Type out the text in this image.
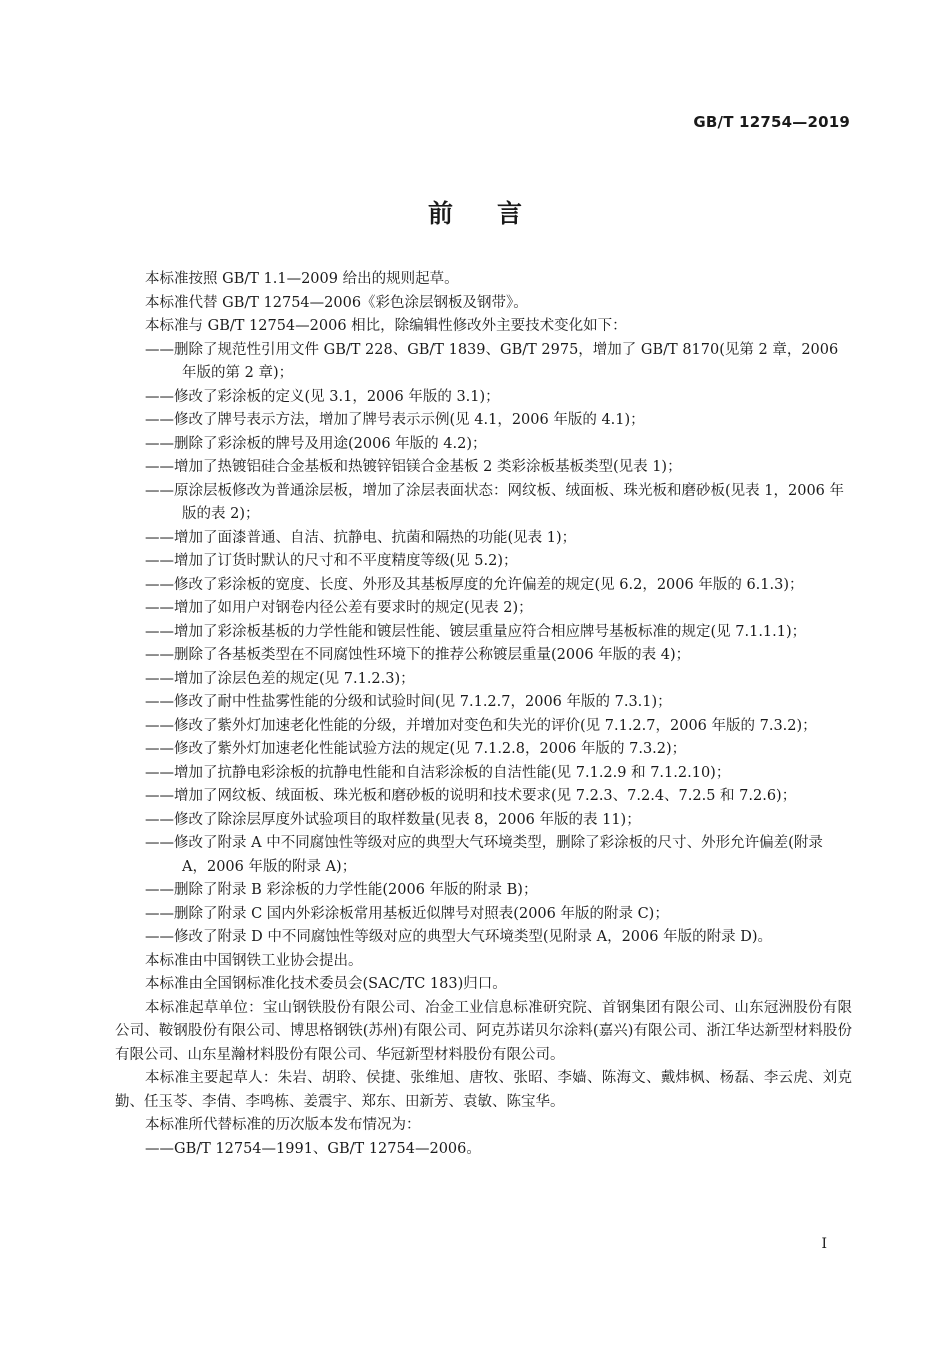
GB/T 12754—2019
前言

本标准按照 GB/T 1.1—2009 给出的规则起草。

本标准代替 GB/T 12754—2006《彩色涂层钢板及钢带》。

本标准与 GB/T 12754—2006 相比，除编辑性修改外主要技术变化如下：

——删除了规范性引用文件 GB/T 228、GB/T 1839、GB/T 2975，增加了 GB/T 8170(见第 2 章，2006 年版的第 2 章)；

——修改了彩涂板的定义(见 3.1，2006 年版的 3.1)；

——修改了牌号表示方法，增加了牌号表示示例(见 4.1，2006 年版的 4.1)；

——删除了彩涂板的牌号及用途(2006 年版的 4.2)；

——增加了热镀铝硅合金基板和热镀锌铝镁合金基板 2 类彩涂板基板类型(见表 1)；

——原涂层板修改为普通涂层板，增加了涂层表面状态：网纹板、绒面板、珠光板和磨砂板(见表 1，2006 年版的表 2)；

——增加了面漆普通、自洁、抗静电、抗菌和隔热的功能(见表 1)；

——增加了订货时默认的尺寸和不平度精度等级(见 5.2)；

——修改了彩涂板的宽度、长度、外形及其基板厚度的允许偏差的规定(见 6.2，2006 年版的 6.1.3)；

——增加了如用户对钢卷内径公差有要求时的规定(见表 2)；

——增加了彩涂板基板的力学性能和镀层性能、镀层重量应符合相应牌号基板标准的规定(见 7.1.1.1)；

——删除了各基板类型在不同腐蚀性环境下的推荐公称镀层重量(2006 年版的表 4)；

——增加了涂层色差的规定(见 7.1.2.3)；

——修改了耐中性盐雾性能的分级和试验时间(见 7.1.2.7，2006 年版的 7.3.1)；

——修改了紫外灯加速老化性能的分级，并增加对变色和失光的评价(见 7.1.2.7，2006 年版的 7.3.2)；

——修改了紫外灯加速老化性能试验方法的规定(见 7.1.2.8，2006 年版的 7.3.2)；

——增加了抗静电彩涂板的抗静电性能和自洁彩涂板的自洁性能(见 7.1.2.9 和 7.1.2.10)；

——增加了网纹板、绒面板、珠光板和磨砂板的说明和技术要求(见 7.2.3、7.2.4、7.2.5 和 7.2.6)；

——修改了除涂层厚度外试验项目的取样数量(见表 8，2006 年版的表 11)；

——修改了附录 A 中不同腐蚀性等级对应的典型大气环境类型，删除了彩涂板的尺寸、外形允许偏差(附录 A，2006 年版的附录 A)；

——删除了附录 B 彩涂板的力学性能(2006 年版的附录 B)；

——删除了附录 C 国内外彩涂板常用基板近似牌号对照表(2006 年版的附录 C)；

——修改了附录 D 中不同腐蚀性等级对应的典型大气环境类型(见附录 A，2006 年版的附录 D)。

本标准由中国钢铁工业协会提出。

本标准由全国钢标准化技术委员会(SAC/TC 183)归口。

本标准起草单位：宝山钢铁股份有限公司、冶金工业信息标准研究院、首钢集团有限公司、山东冠洲股份有限公司、鞍钢股份有限公司、博思格钢铁(苏州)有限公司、阿克苏诺贝尔涂料(嘉兴)有限公司、浙江华达新型材料股份有限公司、山东星瀚材料股份有限公司、华冠新型材料股份有限公司。

本标准主要起草人：朱岩、胡聆、侯捷、张维旭、唐牧、张昭、李嫱、陈海文、戴炜枫、杨磊、李云虎、刘克勤、任玉苓、李倩、李鸣栋、姜震宇、郑东、田新芳、袁敏、陈宝华。

本标准所代替标准的历次版本发布情况为：

——GB/T 12754—1991、GB/T 12754—2006。

I
